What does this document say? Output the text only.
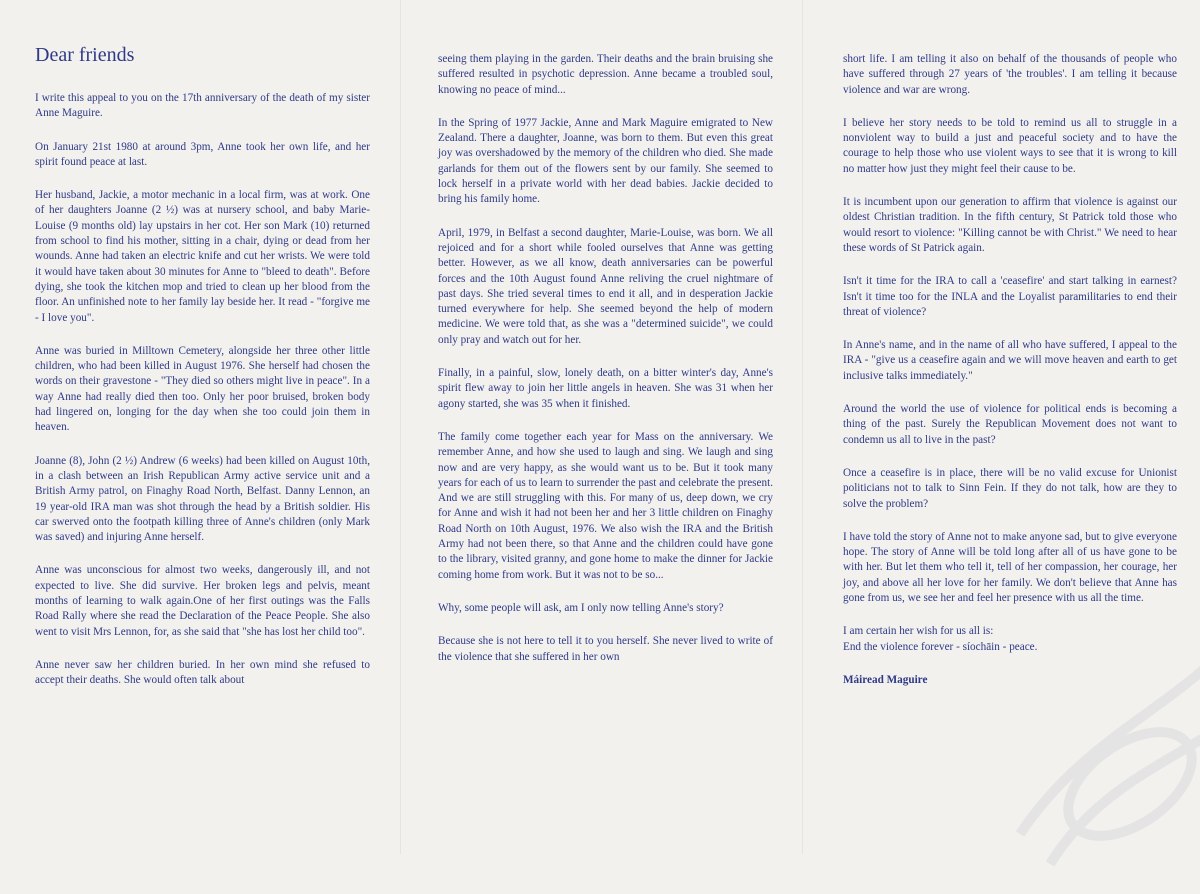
Dear friends

I write this appeal to you on the 17th anniversary of the death of my sister Anne Maguire.

On January 21st 1980 at around 3pm, Anne took her own life, and her spirit found peace at last.

Her husband, Jackie, a motor mechanic in a local firm, was at work. One of her daughters Joanne (2 ½) was at nursery school, and baby Marie-Louise (9 months old) lay upstairs in her cot. Her son Mark (10) returned from school to find his mother, sitting in a chair, dying or dead from her wounds. Anne had taken an electric knife and cut her wrists. We were told it would have taken about 30 minutes for Anne to "bleed to death". Before dying, she took the kitchen mop and tried to clean up her blood from the floor. An unfinished note to her family lay beside her. It read - "forgive me - I love you".

Anne was buried in Milltown Cemetery, alongside her three other little children, who had been killed in August 1976. She herself had chosen the words on their gravestone - "They died so others might live in peace". In a way Anne had really died then too. Only her poor bruised, broken body had lingered on, longing for the day when she too could join them in heaven.

Joanne (8), John (2 ½) Andrew (6 weeks) had been killed on August 10th, in a clash between an Irish Republican Army active service unit and a British Army patrol, on Finaghy Road North, Belfast. Danny Lennon, an 19 year-old IRA man was shot through the head by a British soldier. His car swerved onto the footpath killing three of Anne's children (only Mark was saved) and injuring Anne herself.

Anne was unconscious for almost two weeks, dangerously ill, and not expected to live. She did survive. Her broken legs and pelvis, meant months of learning to walk again.One of her first outings was the Falls Road Rally where she read the Declaration of the Peace People. She also went to visit Mrs Lennon, for, as she said that "she has lost her child too".

Anne never saw her children buried. In her own mind she refused to accept their deaths. She would often talk about

seeing them playing in the garden. Their deaths and the brain bruising she suffered resulted in psychotic depression. Anne became a troubled soul, knowing no peace of mind...

In the Spring of 1977 Jackie, Anne and Mark Maguire emigrated to New Zealand. There a daughter, Joanne, was born to them. But even this great joy was overshadowed by the memory of the children who died. She made garlands for them out of the flowers sent by our family. She seemed to lock herself in a private world with her dead babies. Jackie decided to bring his family home.

April, 1979, in Belfast a second daughter, Marie-Louise, was born. We all rejoiced and for a short while fooled ourselves that Anne was getting better. However, as we all know, death anniversaries can be powerful forces and the 10th August found Anne reliving the cruel nightmare of past days. She tried several times to end it all, and in desperation Jackie turned everywhere for help. She seemed beyond the help of modern medicine. We were told that, as she was a "determined suicide", we could only pray and watch out for her.

Finally, in a painful, slow, lonely death, on a bitter winter's day, Anne's spirit flew away to join her little angels in heaven. She was 31 when her agony started, she was 35 when it finished.

The family come together each year for Mass on the anniversary. We remember Anne, and how she used to laugh and sing. We laugh and sing now and are very happy, as she would want us to be. But it took many years for each of us to learn to surrender the past and celebrate the present. And we are still struggling with this. For many of us, deep down, we cry for Anne and wish it had not been her and her 3 little children on Finaghy Road North on 10th August, 1976. We also wish the IRA and the British Army had not been there, so that Anne and the children could have gone to the library, visited granny, and gone home to make the dinner for Jackie coming home from work. But it was not to be so...

Why, some people will ask, am I only now telling Anne's story?

Because she is not here to tell it to you herself. She never lived to write of the violence that she suffered in her own

short life. I am telling it also on behalf of the thousands of people who have suffered through 27 years of 'the troubles'. I am telling it because violence and war are wrong.

I believe her story needs to be told to remind us all to struggle in a nonviolent way to build a just and peaceful society and to have the courage to help those who use violent ways to see that it is wrong to kill no matter how just they might feel their cause to be.

It is incumbent upon our generation to affirm that violence is against our oldest Christian tradition. In the fifth century, St Patrick told those who would resort to violence: "Killing cannot be with Christ." We need to hear these words of St Patrick again.

Isn't it time for the IRA to call a 'ceasefire' and start talking in earnest? Isn't it time too for the INLA and the Loyalist paramilitaries to end their threat of violence?

In Anne's name, and in the name of all who have suffered, I appeal to the IRA - "give us a ceasefire again and we will move heaven and earth to get inclusive talks immediately."

Around the world the use of violence for political ends is becoming a thing of the past. Surely the Republican Movement does not want to condemn us all to live in the past?

Once a ceasefire is in place, there will be no valid excuse for Unionist politicians not to talk to Sinn Fein. If they do not talk, how are they to solve the problem?

I have told the story of Anne not to make anyone sad, but to give everyone hope. The story of Anne will be told long after all of us have gone to be with her. But let them who tell it, tell of her compassion, her courage, her joy, and above all her love for her family. We don't believe that Anne has gone from us, we see her and feel her presence with us all the time.

I am certain her wish for us all is:
End the violence forever - síochāin - peace.

Máiread Maguire
